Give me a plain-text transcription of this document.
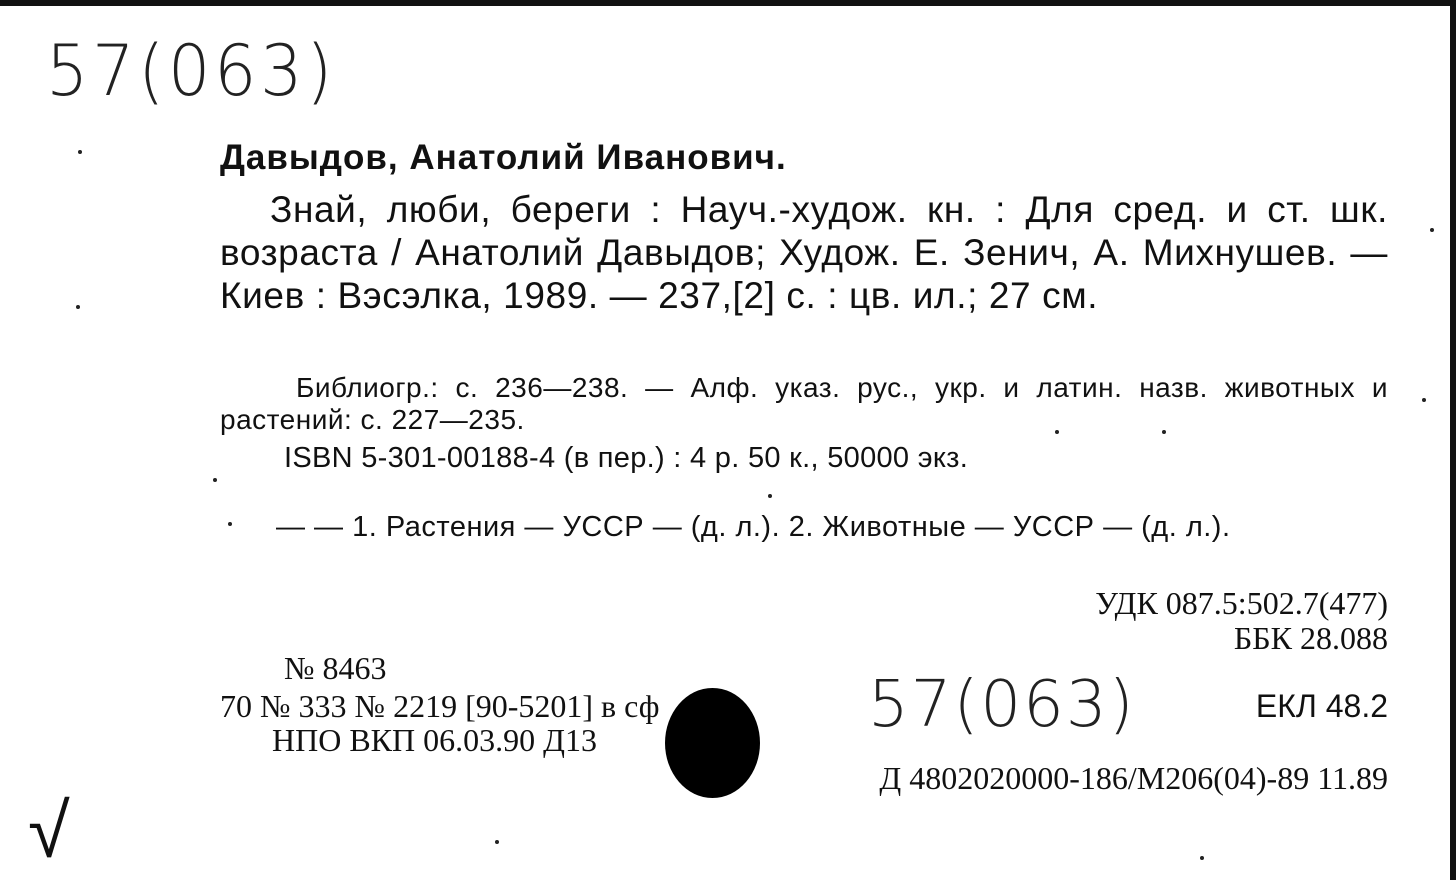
57(063)
Давыдов, Анатолий Иванович.
Знай, люби, береги : Науч.-худож. кн. : Для сред. и ст. шк. возраста / Анатолий Давыдов; Худож. Е. Зенич, А. Михнушев. — Киев : Вэсэлка, 1989. — 237,[2] с. : цв. ил.; 27 см.
Библиогр.: с. 236—238. — Алф. указ. рус., укр. и латин. назв. животных и растений: с. 227—235.
ISBN 5-301-00188-4 (в пер.) : 4 р. 50 к., 50000 экз.
— — 1. Растения — УССР — (д. л.). 2. Животные — УССР — (д. л.).
УДК 087.5:502.7(477)
ББК 28.088
№ 8463
70 № 333 № 2219 [90-5201] в сф
НПО ВКП 06.03.90 Д13	57(063)	ЕКЛ 48.2
Д 4802020000-186/М206(04)-89 11.89
√
